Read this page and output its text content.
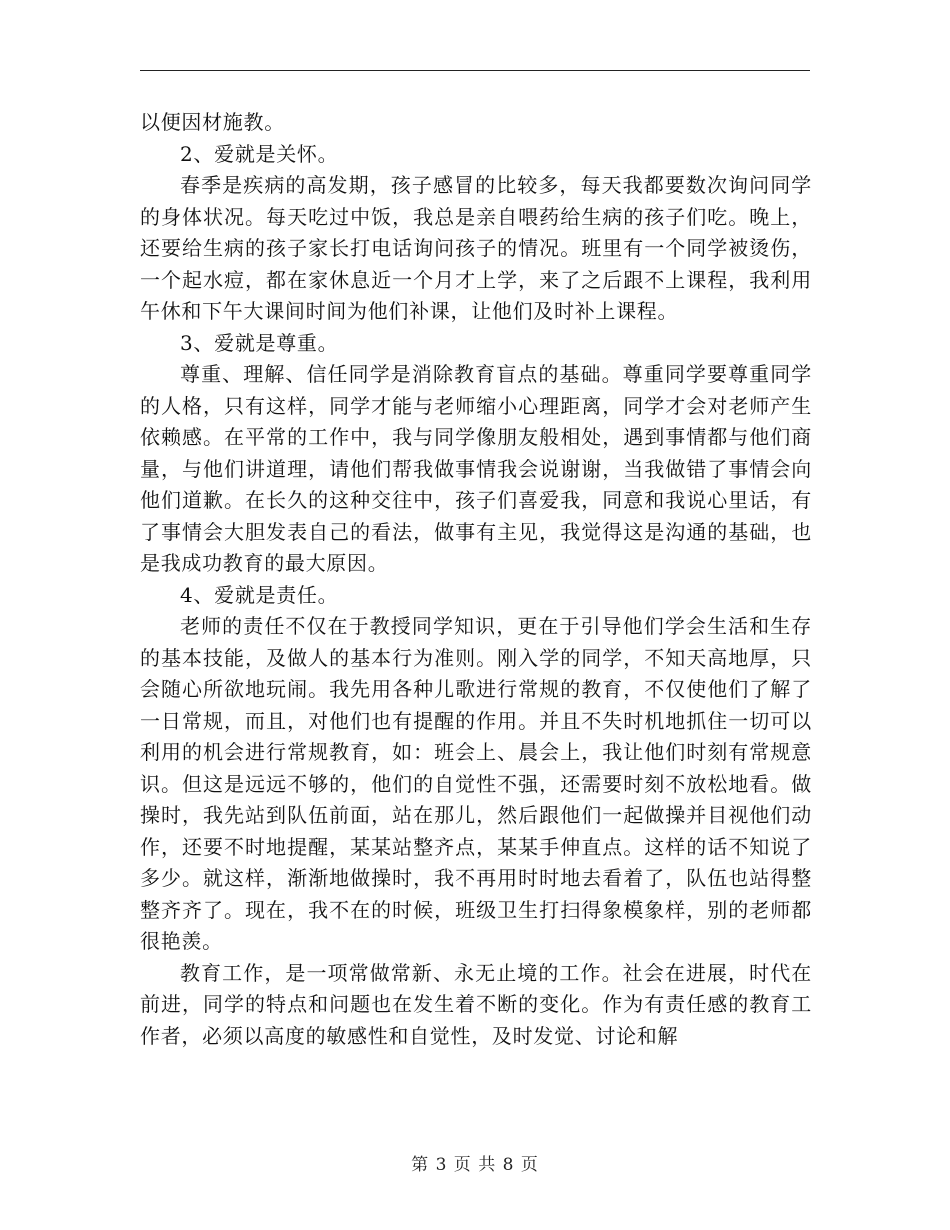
以便因材施教。

2、爱就是关怀。

春季是疾病的高发期，孩子感冒的比较多，每天我都要数次询问同学的身体状况。每天吃过中饭，我总是亲自喂药给生病的孩子们吃。晚上，还要给生病的孩子家长打电话询问孩子的情况。班里有一个同学被烫伤，一个起水痘，都在家休息近一个月才上学，来了之后跟不上课程，我利用午休和下午大课间时间为他们补课，让他们及时补上课程。

3、爱就是尊重。

尊重、理解、信任同学是消除教育盲点的基础。尊重同学要尊重同学的人格，只有这样，同学才能与老师缩小心理距离，同学才会对老师产生依赖感。在平常的工作中，我与同学像朋友般相处，遇到事情都与他们商量，与他们讲道理，请他们帮我做事情我会说谢谢，当我做错了事情会向他们道歉。在长久的这种交往中，孩子们喜爱我，同意和我说心里话，有了事情会大胆发表自己的看法，做事有主见，我觉得这是沟通的基础，也是我成功教育的最大原因。

4、爱就是责任。

老师的责任不仅在于教授同学知识，更在于引导他们学会生活和生存的基本技能，及做人的基本行为准则。刚入学的同学，不知天高地厚，只会随心所欲地玩闹。我先用各种儿歌进行常规的教育，不仅使他们了解了一日常规，而且，对他们也有提醒的作用。并且不失时机地抓住一切可以利用的机会进行常规教育，如：班会上、晨会上，我让他们时刻有常规意识。但这是远远不够的，他们的自觉性不强，还需要时刻不放松地看。做操时，我先站到队伍前面，站在那儿，然后跟他们一起做操并目视他们动作，还要不时地提醒，某某站整齐点，某某手伸直点。这样的话不知说了多少。就这样，渐渐地做操时，我不再用时时地去看着了，队伍也站得整整齐齐了。现在，我不在的时候，班级卫生打扫得象模象样，别的老师都很艳羡。

教育工作，是一项常做常新、永无止境的工作。社会在进展，时代在前进，同学的特点和问题也在发生着不断的变化。作为有责任感的教育工作者，必须以高度的敏感性和自觉性，及时发觉、讨论和解

第 3 页 共 8 页
